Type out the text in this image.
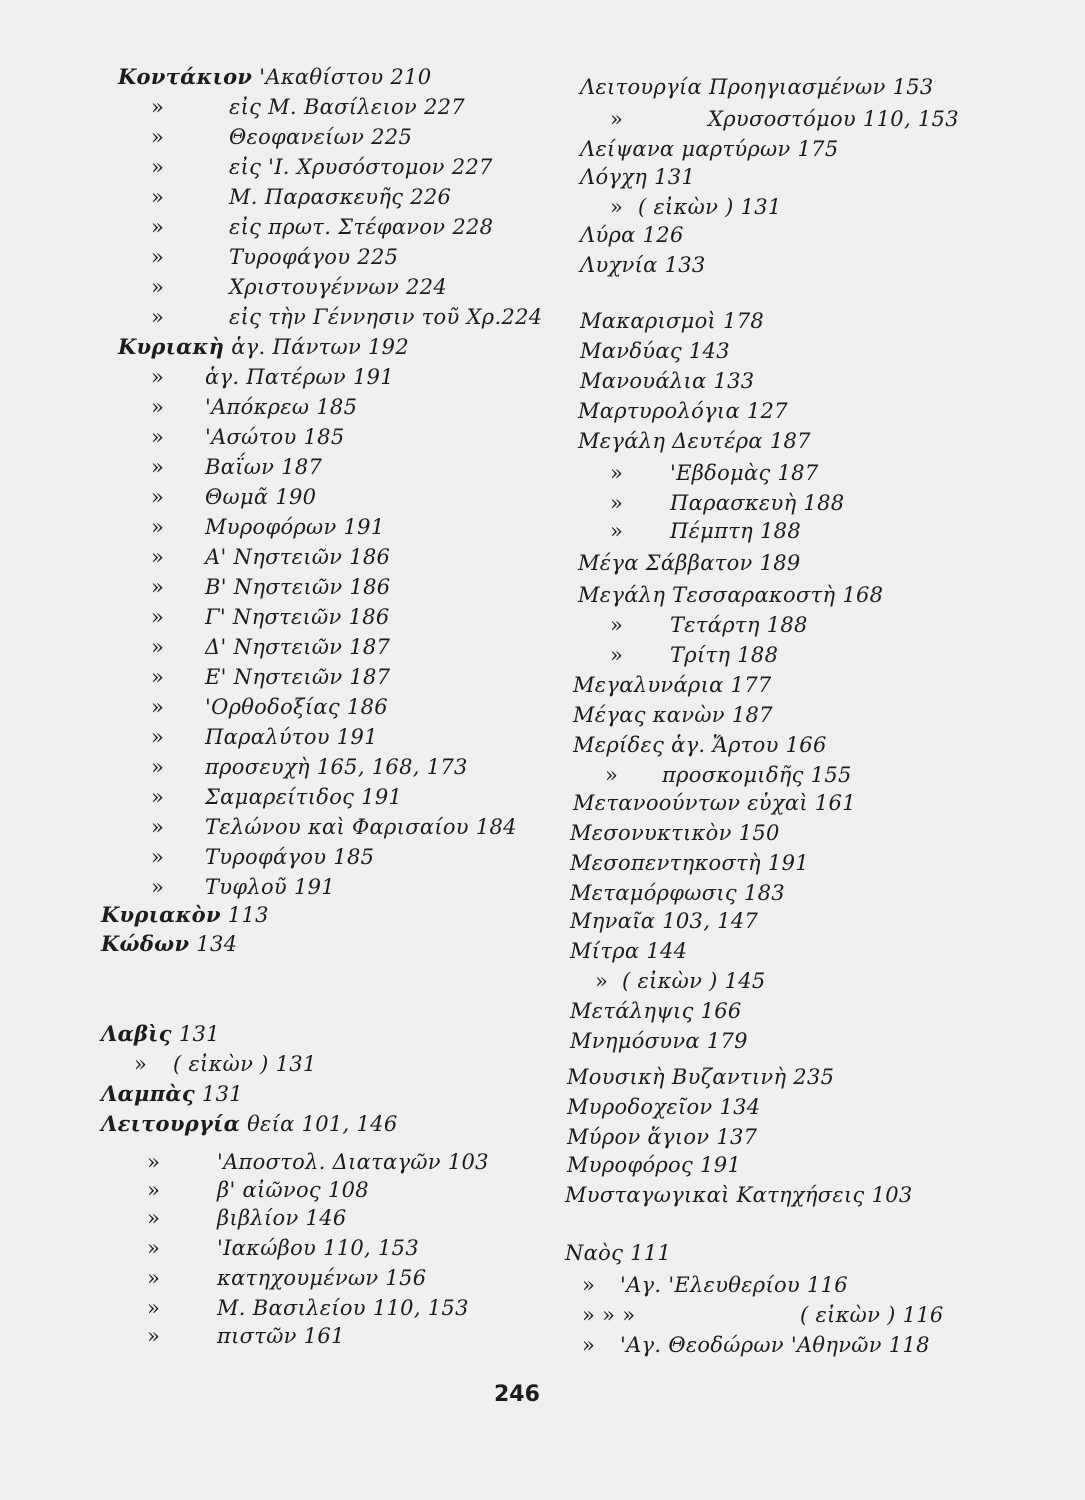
Κοντάκιον 'Ακαθίστου 210
»	εἰς Μ. Βασίλειον 227
»	Θεοφανείων 225
»	εἰς 'Ι. Χρυσόστομον 227
»	Μ. Παρασκευῆς 226
»	εἰς πρωτ. Στέφανον 228
»	Τυροφάγου 225
»	Χριστουγέννων 224
»	εἰς τὴν Γέννησιν τοῦ Χρ.224
Κυριακὴ ἁγ. Πάντων 192
» ἁγ. Πατέρων 191
» 'Απόκρεω 185
» 'Ασώτου 185
» Βαΐων 187
» Θωμᾶ 190
» Μυροφόρων 191
» Α' Νηστειῶν 186
» Β' Νηστειῶν 186
» Γ' Νηστειῶν 186
» Δ' Νηστειῶν 187
» Ε' Νηστειῶν 187
» 'Ορθοδοξίας 186
» Παραλύτου 191
» προσευχὴ 165, 168, 173
» Σαμαρείτιδος 191
» Τελώνου καὶ Φαρισαίου 184
» Τυροφάγου 185
» Τυφλοῦ 191
Κυριακὸν 113
Κώδων 134
Λαβὶς 131
» ( εἰκὼν ) 131
Λαμπὰς 131
Λειτουργία θεία 101, 146
»	'Αποστολ. Διαταγῶν 103
»	β' αἰῶνος 108
»	βιβλίον 146
»	'Ιακώβου 110, 153
»	κατηχουμένων 156
»	Μ. Βασιλείου 110, 153
»	πιστῶν 161
Λειτουργία Προηγιασμένων 153
»	Χρυσοστόμου 110, 153
Λείψανα μαρτύρων 175
Λόγχη 131
» ( εἰκὼν ) 131
Λύρα 126
Λυχνία 133
Μακαρισμοὶ 178
Μανδύας 143
Μανουάλια 133
Μαρτυρολόγια 127
Μεγάλη Δευτέρα 187
» 'Εβδομὰς 187
» Παρασκευὴ 188
» Πέμπτη 188
Μέγα Σάββατον 189
Μεγάλη Τεσσαρακοστὴ 168
» Τετάρτη 188
» Τρίτη 188
Μεγαλυνάρια 177
Μέγας κανὼν 187
Μερίδες ἁγ. Ἄρτου 166
» προσκομιδῆς 155
Μετανοούντων εὐχαὶ 161
Μεσονυκτικὸν 150
Μεσοπεντηκοστὴ 191
Μεταμόρφωσις 183
Μηναῖα 103, 147
Μίτρα 144
» ( εἰκὼν ) 145
Μετάληψις 166
Μνημόσυνα 179
Μουσικὴ Βυζαντινὴ 235
Μυροδοχεῖον 134
Μύρον ἅγιον 137
Μυροφόρος 191
Μυσταγωγικαὶ Κατηχήσεις 103
Ναὸς 111
» 'Αγ. 'Ελευθερίου 116
» » »	( εἰκὼν ) 116
» 'Αγ. Θεοδώρων 'Αθηνῶν 118
246
